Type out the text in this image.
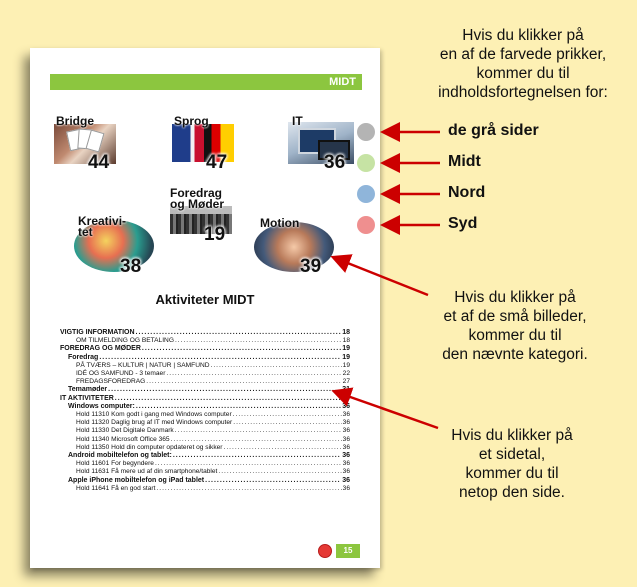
MIDT
Bridge
44
Sprog
47
IT
36
Foredrag og Møder
19
Kreativi-tet
38
Motion
39
Aktiviteter MIDT
VIGTIG INFORMATION .....	18
OM TILMELDING OG BETALING .....	18
FOREDRAG OG MØDER .....	19
Foredrag .....	19
PÅ TVÆRS – KULTUR | NATUR | SAMFUND .....	19
IDÉ OG SAMFUND - 3 temaer .....	22
FREDAGSFOREDRAG .....	27
Temamøder .....	31
IT AKTIVITETER .....	36
Windows computer: .....	36
Hold 11310 Kom godt i gang med Windows computer .....	36
Hold 11320 Daglig brug af IT med Windows computer .....	36
Hold 11330 Det Digitale Danmark .....	36
Hold 11340 Microsoft Office 365 .....	36
Hold 11350 Hold din computer opdateret og sikker .....	36
Android mobiltelefon og tablet: .....	36
Hold 11601 For begyndere .....	36
Hold 11631 Få mere ud af din smartphone/tablet .....	36
Apple iPhone mobiltelefon og iPad tablet .....	36
Hold 11641 Få en god start .....	36
15
Hvis du klikker på
en af de farvede prikker,
kommer du til
indholdsfortegnelsen for:
de grå sider
Midt
Nord
Syd
Hvis du klikker på
et af de små billeder,
kommer du til
den nævnte kategori.
Hvis du klikker på
et sidetal,
kommer du til
netop den side.
